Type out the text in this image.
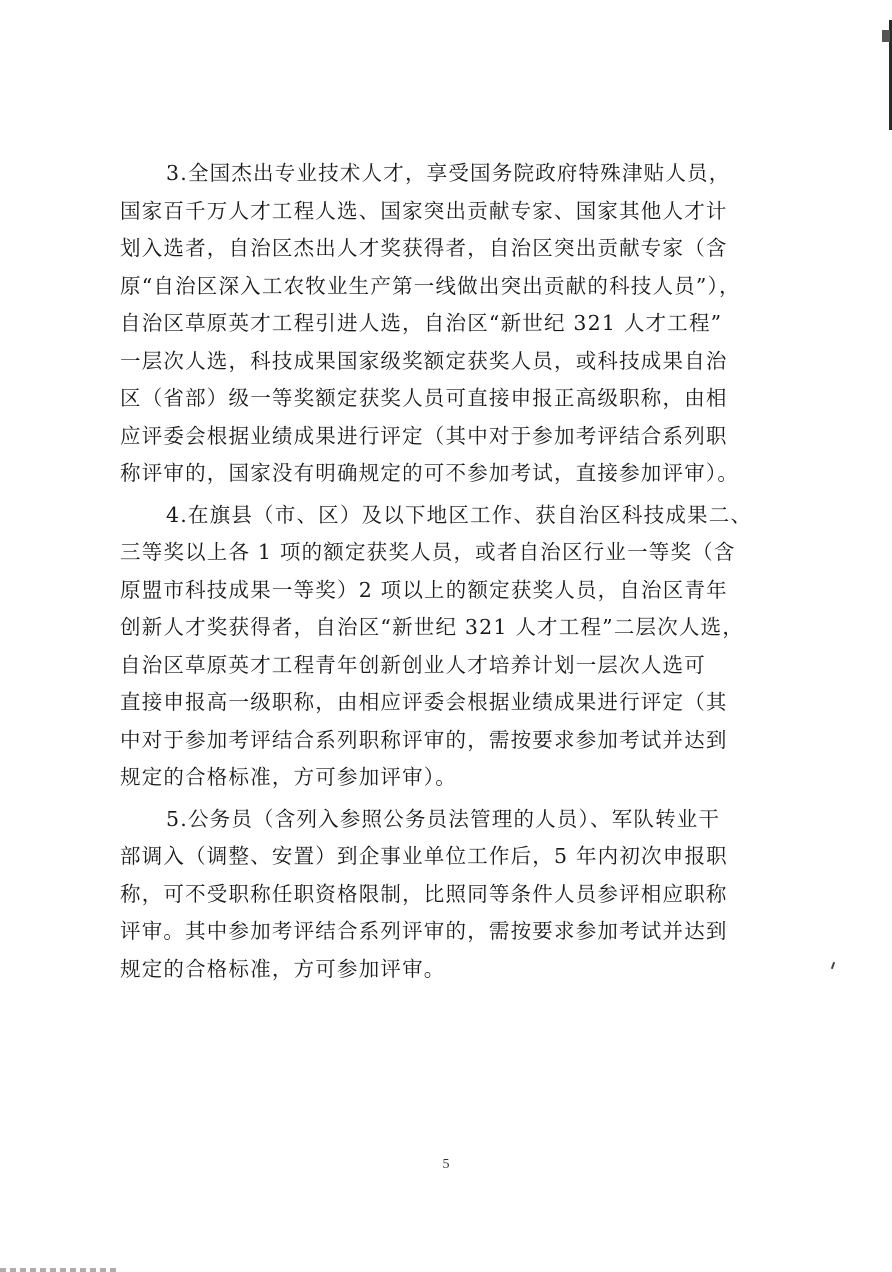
3.全国杰出专业技术人才，享受国务院政府特殊津贴人员，
国家百千万人才工程人选、国家突出贡献专家、国家其他人才计
划入选者，自治区杰出人才奖获得者，自治区突出贡献专家（含
原“自治区深入工农牧业生产第一线做出突出贡献的科技人员”），
自治区草原英才工程引进人选，自治区“新世纪 321 人才工程”
一层次人选，科技成果国家级奖额定获奖人员，或科技成果自治
区（省部）级一等奖额定获奖人员可直接申报正高级职称，由相
应评委会根据业绩成果进行评定（其中对于参加考评结合系列职
称评审的，国家没有明确规定的可不参加考试，直接参加评审）。
4.在旗县（市、区）及以下地区工作、获自治区科技成果二、
三等奖以上各 1 项的额定获奖人员，或者自治区行业一等奖（含
原盟市科技成果一等奖）2 项以上的额定获奖人员，自治区青年
创新人才奖获得者，自治区“新世纪 321 人才工程”二层次人选，
自治区草原英才工程青年创新创业人才培养计划一层次人选可
直接申报高一级职称，由相应评委会根据业绩成果进行评定（其
中对于参加考评结合系列职称评审的，需按要求参加考试并达到
规定的合格标准，方可参加评审）。
5.公务员（含列入参照公务员法管理的人员）、军队转业干
部调入（调整、安置）到企事业单位工作后，5 年内初次申报职
称，可不受职称任职资格限制，比照同等条件人员参评相应职称
评审。其中参加考评结合系列评审的，需按要求参加考试并达到
规定的合格标准，方可参加评审。
5
